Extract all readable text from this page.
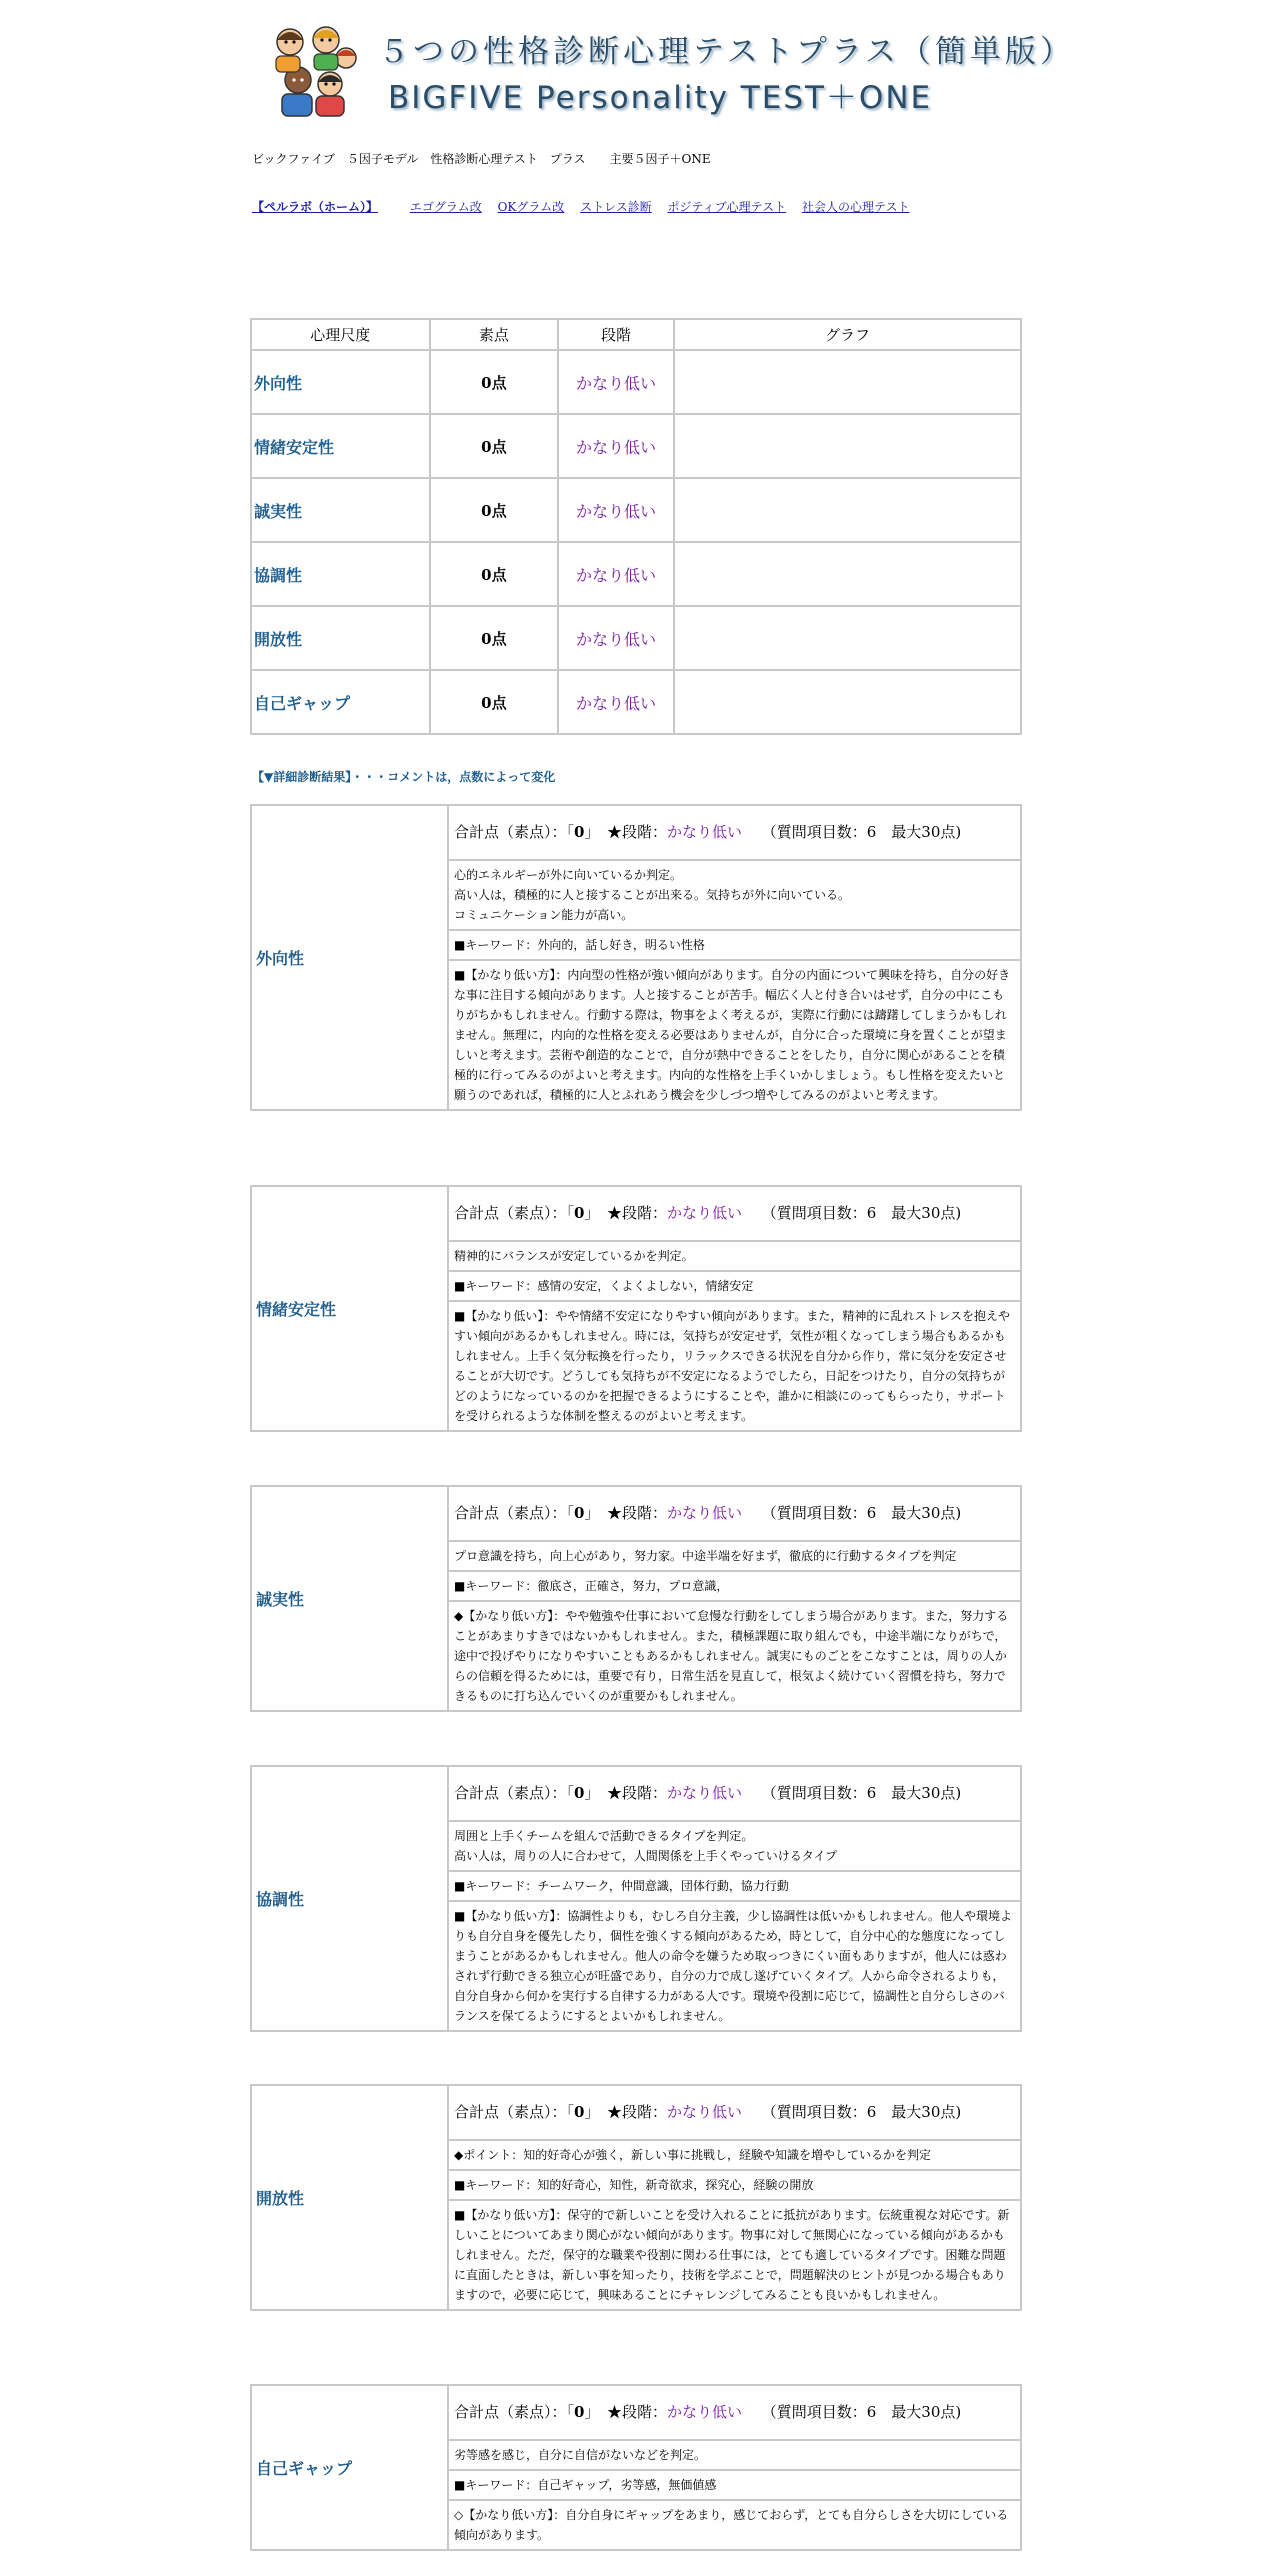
５つの性格診断心理テストプラス（簡単版）
BIGFIVE Personality TEST＋ONE
ビックファイブ　５因子モデル　性格診断心理テスト　プラス　　主要５因子＋ONE
【ペルラボ（ホーム）】	エゴグラム改 OKグラム改 ストレス診断 ポジティブ心理テスト 社会人の心理テスト
心理尺度	素点	段階	グラフ
外向性	0点	かなり低い	
情緒安定性	0点	かなり低い	
誠実性	0点	かなり低い	
協調性	0点	かなり低い	
開放性	0点	かなり低い	
自己ギャップ	0点	かなり低い	
【▼詳細診断結果】・・・コメントは，点数によって変化
外向性	合計点（素点）：「0」　★段階：かなり低い　 （質問項目数：6　最大30点)
心的エネルギーが外に向いているか判定。
高い人は，積極的に人と接することが出来る。気持ちが外に向いている。
コミュニケーション能力が高い。
■キーワード：外向的，話し好き，明るい性格
■【かなり低い方】：内向型の性格が強い傾向があります。自分の内面について興味を持ち，自分の好きな事に注目する傾向があります。人と接することが苦手。幅広く人と付き合いはせず，自分の中にこもりがちかもしれません。行動する際は，物事をよく考えるが，実際に行動には躊躇してしまうかもしれません。無理に，内向的な性格を変える必要はありませんが，自分に合った環境に身を置くことが望ましいと考えます。芸術や創造的なことで，自分が熱中できることをしたり，自分に関心があることを積極的に行ってみるのがよいと考えます。内向的な性格を上手くいかしましょう。もし性格を変えたいと願うのであれば，積極的に人とふれあう機会を少しづつ増やしてみるのがよいと考えます。
情緒安定性	合計点（素点）：「0」　★段階：かなり低い　 （質問項目数：6　最大30点)
精神的にバランスが安定しているかを判定。
■キーワード：感情の安定，くよくよしない，情緒安定
■【かなり低い】：やや情緒不安定になりやすい傾向があります。また，精神的に乱れストレスを抱えやすい傾向があるかもしれません。時には，気持ちが安定せず，気性が粗くなってしまう場合もあるかもしれません。上手く気分転換を行ったり，リラックスできる状況を自分から作り，常に気分を安定させることが大切です。どうしても気持ちが不安定になるようでしたら，日記をつけたり，自分の気持ちがどのようになっているのかを把握できるようにすることや，誰かに相談にのってもらったり，サポートを受けられるような体制を整えるのがよいと考えます。
誠実性	合計点（素点）：「0」　★段階：かなり低い　 （質問項目数：6　最大30点)
プロ意識を持ち，向上心があり，努力家。中途半端を好まず，徹底的に行動するタイプを判定
■キーワード：徹底さ，正確さ，努力，プロ意識，
◆【かなり低い方】：やや勉強や仕事において怠慢な行動をしてしまう場合があります。また，努力することがあまりすきではないかもしれません。また，積極課題に取り組んでも，中途半端になりがちで，途中で投げやりになりやすいこともあるかもしれません。誠実にものごとをこなすことは，周りの人からの信頼を得るためには，重要で有り，日常生活を見直して，根気よく続けていく習慣を持ち，努力できるものに打ち込んでいくのが重要かもしれません。
協調性	合計点（素点）：「0」　★段階：かなり低い　 （質問項目数：6　最大30点)
周囲と上手くチームを組んで活動できるタイプを判定。
高い人は，周りの人に合わせて，人間関係を上手くやっていけるタイプ
■キーワード：チームワーク，仲間意識，団体行動，協力行動
■【かなり低い方】：協調性よりも，むしろ自分主義，少し協調性は低いかもしれません。他人や環境よりも自分自身を優先したり，個性を強くする傾向があるため，時として，自分中心的な態度になってしまうことがあるかもしれません。他人の命令を嫌うため取っつきにくい面もありますが，他人には惑わされず行動できる独立心が旺盛であり，自分の力で成し遂げていくタイプ。人から命令されるよりも，自分自身から何かを実行する自律する力がある人です。環境や役割に応じて，協調性と自分らしさのバランスを保てるようにするとよいかもしれません。
開放性	合計点（素点）：「0」　★段階：かなり低い　 （質問項目数：6　最大30点)
◆ポイント：知的好奇心が強く，新しい事に挑戦し，経験や知識を増やしているかを判定
■キーワード：知的好奇心，知性，新奇欲求，探究心，経験の開放
■【かなり低い方】：保守的で新しいことを受け入れることに抵抗があります。伝統重視な対応です。新しいことについてあまり関心がない傾向があります。物事に対して無関心になっている傾向があるかもしれません。ただ，保守的な職業や役割に関わる仕事には，とても適しているタイプです。困難な問題に直面したときは，新しい事を知ったり，技術を学ぶことで，問題解決のヒントが見つかる場合もありますので，必要に応じて，興味あることにチャレンジしてみることも良いかもしれません。
自己ギャップ	合計点（素点）：「0」　★段階：かなり低い　 （質問項目数：6　最大30点)
劣等感を感じ，自分に自信がないなどを判定。
■キーワード：自己ギャップ，劣等感，無価値感
◇【かなり低い方】：自分自身にギャップをあまり，感じておらず，とても自分らしさを大切にしている傾向があります。
